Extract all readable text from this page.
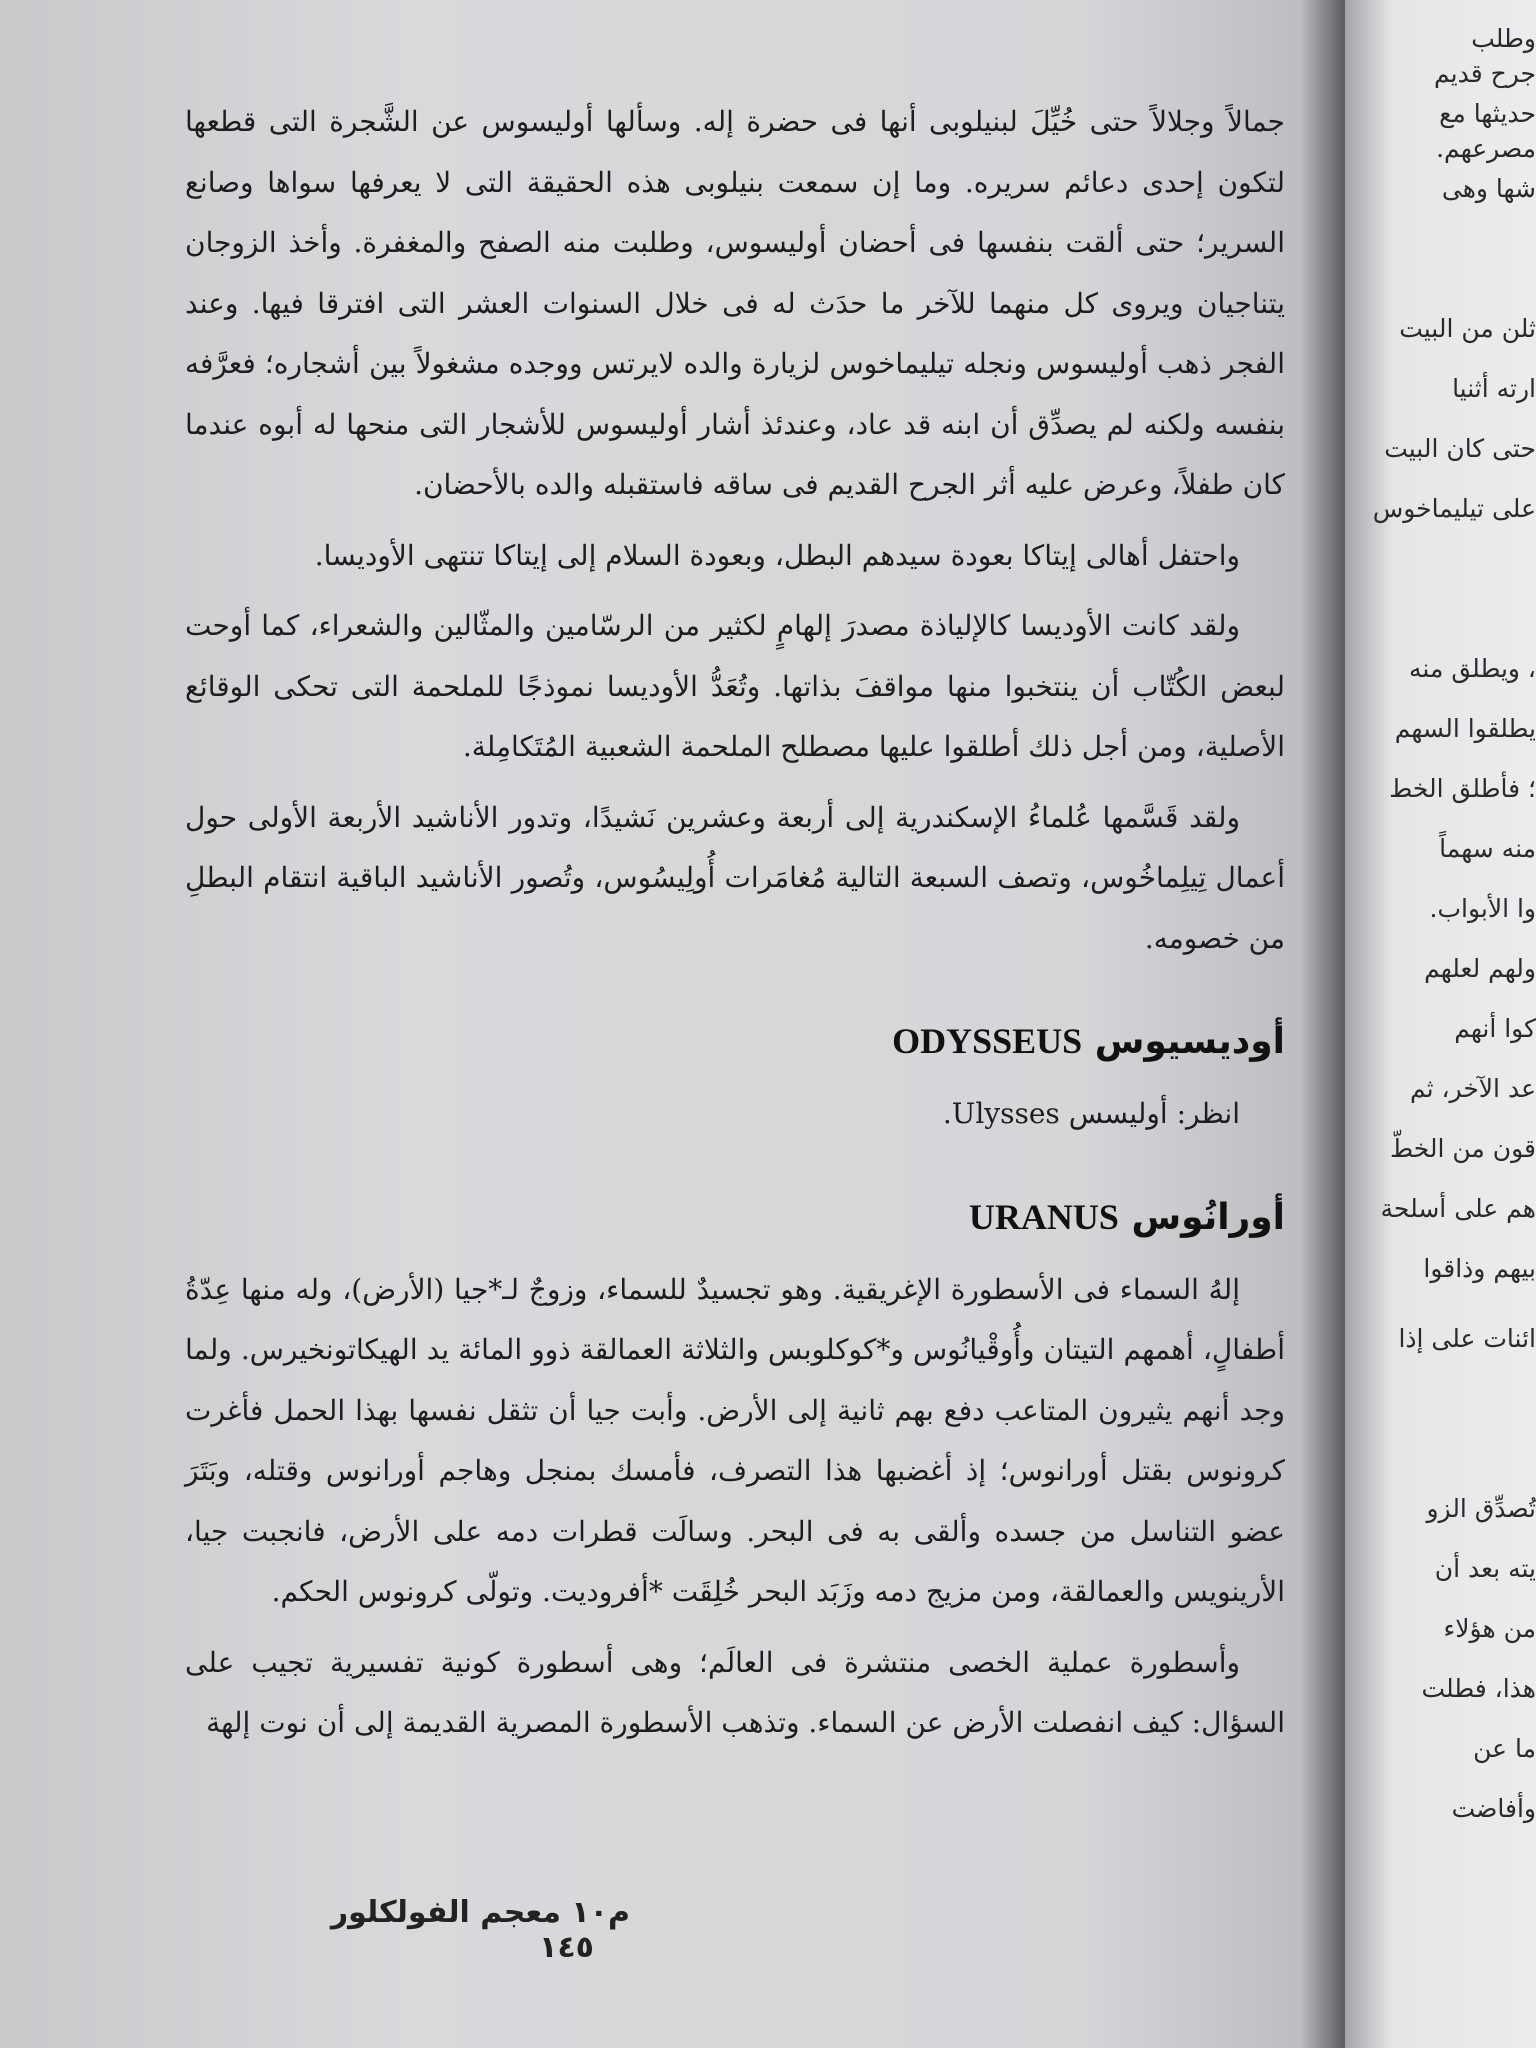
جمالاً وجلالاً حتى خُيِّلَ لبنيلوبى أنها فى حضرة إله. وسألها أوليسوس عن الشَّجرة التى قطعها لتكون إحدى دعائم سريره. وما إن سمعت بنيلوبى هذه الحقيقة التى لا يعرفها سواها وصانع السرير؛ حتى ألقت بنفسها فى أحضان أوليسوس، وطلبت منه الصفح والمغفرة. وأخذ الزوجان يتناجيان ويروى كل منهما للآخر ما حدَث له فى خلال السنوات العشر التى افترقا فيها. وعند الفجر ذهب أوليسوس ونجله تيليماخوس لزيارة والده لايرتس ووجده مشغولاً بين أشجاره؛ فعرَّفه بنفسه ولكنه لم يصدِّق أن ابنه قد عاد، وعندئذ أشار أوليسوس للأشجار التى منحها له أبوه عندما كان طفلاً، وعرض عليه أثر الجرح القديم فى ساقه فاستقبله والده بالأحضان.

واحتفل أهالى إيتاكا بعودة سيدهم البطل، وبعودة السلام إلى إيتاكا تنتهى الأوديسا.

ولقد كانت الأوديسا كالإلياذة مصدرَ إلهامٍ لكثير من الرسّامين والمثّالين والشعراء، كما أوحت لبعض الكُتّاب أن ينتخبوا منها مواقفَ بذاتها. وتُعَدُّ الأوديسا نموذجًا للملحمة التى تحكى الوقائع الأصلية، ومن أجل ذلك أطلقوا عليها مصطلح الملحمة الشعبية المُتَكامِلة.

ولقد قَسَّمها عُلماءُ الإسكندرية إلى أربعة وعشرين نَشيدًا، وتدور الأناشيد الأربعة الأولى حول أعمال تِيلِماخُوس، وتصف السبعة التالية مُغامَرات أُولِيسُوس، وتُصور الأناشيد الباقية انتقام البطلِ من خصومه.

أوديسيوس ODYSSEUS

انظر: أوليسس Ulysses.

أورانُوس URANUS

إلهُ السماء فى الأسطورة الإغريقية. وهو تجسيدٌ للسماء، وزوجٌ لـ*جيا (الأرض)، وله منها عِدّةُ أطفالٍ، أهمهم التيتان وأُوقْيانُوس و*كوكلوبس والثلاثة العمالقة ذوو المائة يد الهيكاتونخيرس. ولما وجد أنهم يثيرون المتاعب دفع بهم ثانية إلى الأرض. وأبت جيا أن تثقل نفسها بهذا الحمل فأغرت كرونوس بقتل أورانوس؛ إذ أغضبها هذا التصرف، فأمسك بمنجل وهاجم أورانوس وقتله، وبَتَرَ عضو التناسل من جسده وألقى به فى البحر. وسالَت قطرات دمه على الأرض، فانجبت جيا، الأرينويس والعمالقة، ومن مزيج دمه وزَبَد البحر خُلِقَت *أفروديت. وتولّى كرونوس الحكم.

وأسطورة عملية الخصى منتشرة فى العالَم؛ وهى أسطورة كونية تفسيرية تجيب على السؤال: كيف انفصلت الأرض عن السماء. وتذهب الأسطورة المصرية القديمة إلى أن نوت إلهة

م١٠ معجم الفولكلور ١٤٥
وطلب
جرح قديم
حديثها مع
مصرعهم.
شها وهى
ثلن من البيت
ارته أثنيا
حتى كان البيت
على تيليماخوس
، ويطلق منه
يطلقوا السهم
؛ فأطلق الخط
منه سهماً
وا الأبواب.
ولهم لعلهم
كوا أنهم
عد الآخر، ثم
قون من الخطّ
هم على أسلحة
بيهم وذاقوا
ائنات على إذا
تُصدِّق الزو
يته بعد أن
من هؤلاء
هذا، فطلت
ما عن
وأفاضت
